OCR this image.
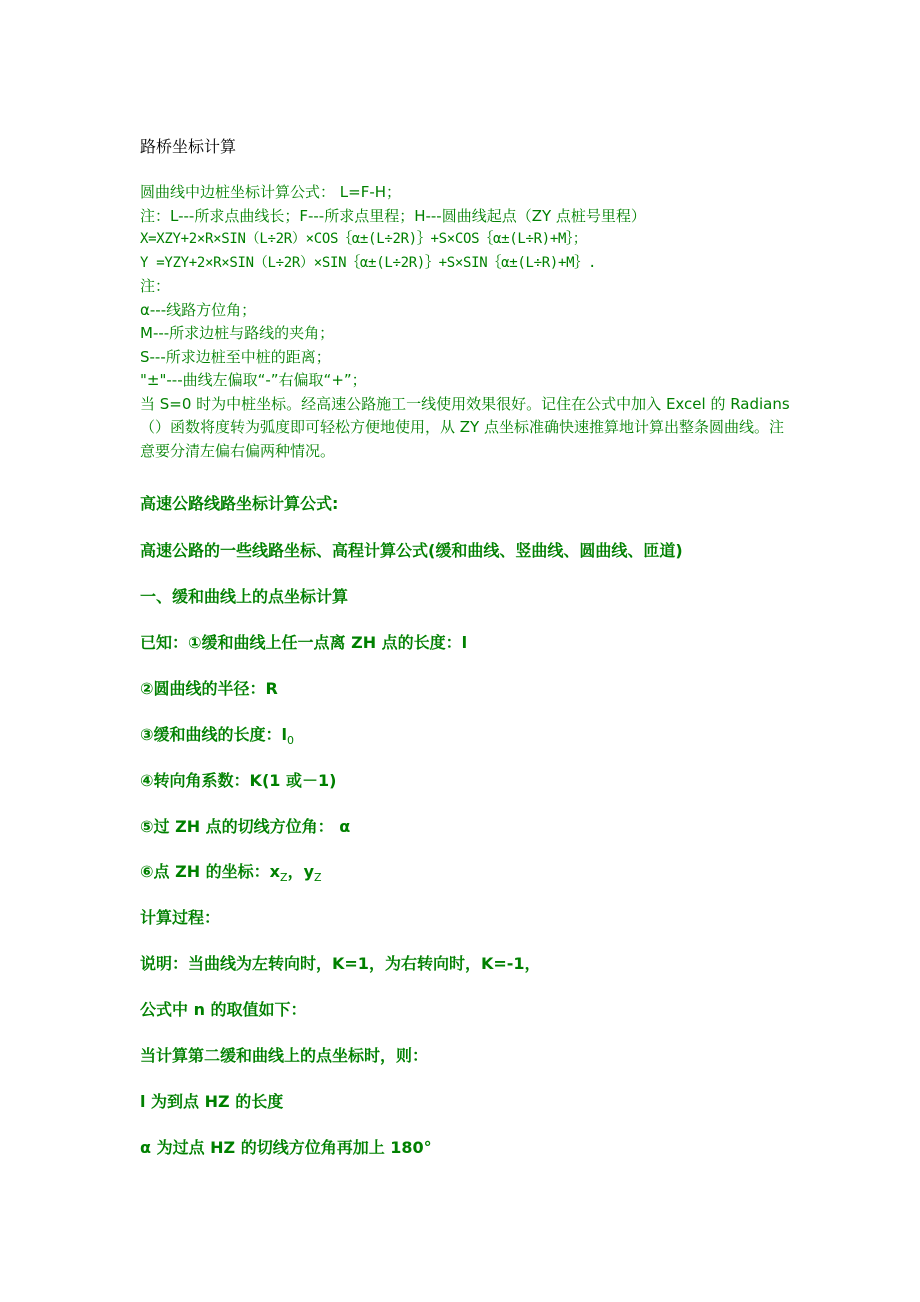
路桥坐标计算
圆曲线中边桩坐标计算公式： L=F-H；
注：L---所求点曲线长；F---所求点里程；H---圆曲线起点（ZY 点桩号里程）
X=XZY+2×R×SIN（L÷2R）×COS｛α±(L÷2R)｝+S×COS｛α±(L÷R)+M｝；
Y =YZY+2×R×SIN（L÷2R）×SIN｛α±(L÷2R)｝+S×SIN｛α±(L÷R)+M｝.
注：
α---线路方位角；
M---所求边桩与路线的夹角；
S---所求边桩至中桩的距离；
"±"---曲线左偏取“-”右偏取“+”；
当 S=0 时为中桩坐标。经高速公路施工一线使用效果很好。记住在公式中加入 Excel 的 Radians（）函数将度转为弧度即可轻松方便地使用，从 ZY 点坐标准确快速推算地计算出整条圆曲线。注意要分清左偏右偏两种情况。
高速公路线路坐标计算公式:
高速公路的一些线路坐标、高程计算公式(缓和曲线、竖曲线、圆曲线、匝道)
一、缓和曲线上的点坐标计算
已知：①缓和曲线上任一点离 ZH 点的长度：l
②圆曲线的半径：R
③缓和曲线的长度：$l_0$
④转向角系数：K(1 或－1)
⑤过 ZH 点的切线方位角： α
⑥点 ZH 的坐标：$x_Z$，$y_Z$
计算过程：
说明：当曲线为左转向时，K=1，为右转向时，K=-1，
公式中 n 的取值如下：
当计算第二缓和曲线上的点坐标时，则：
l 为到点 HZ 的长度
α 为过点 HZ 的切线方位角再加上 180°
